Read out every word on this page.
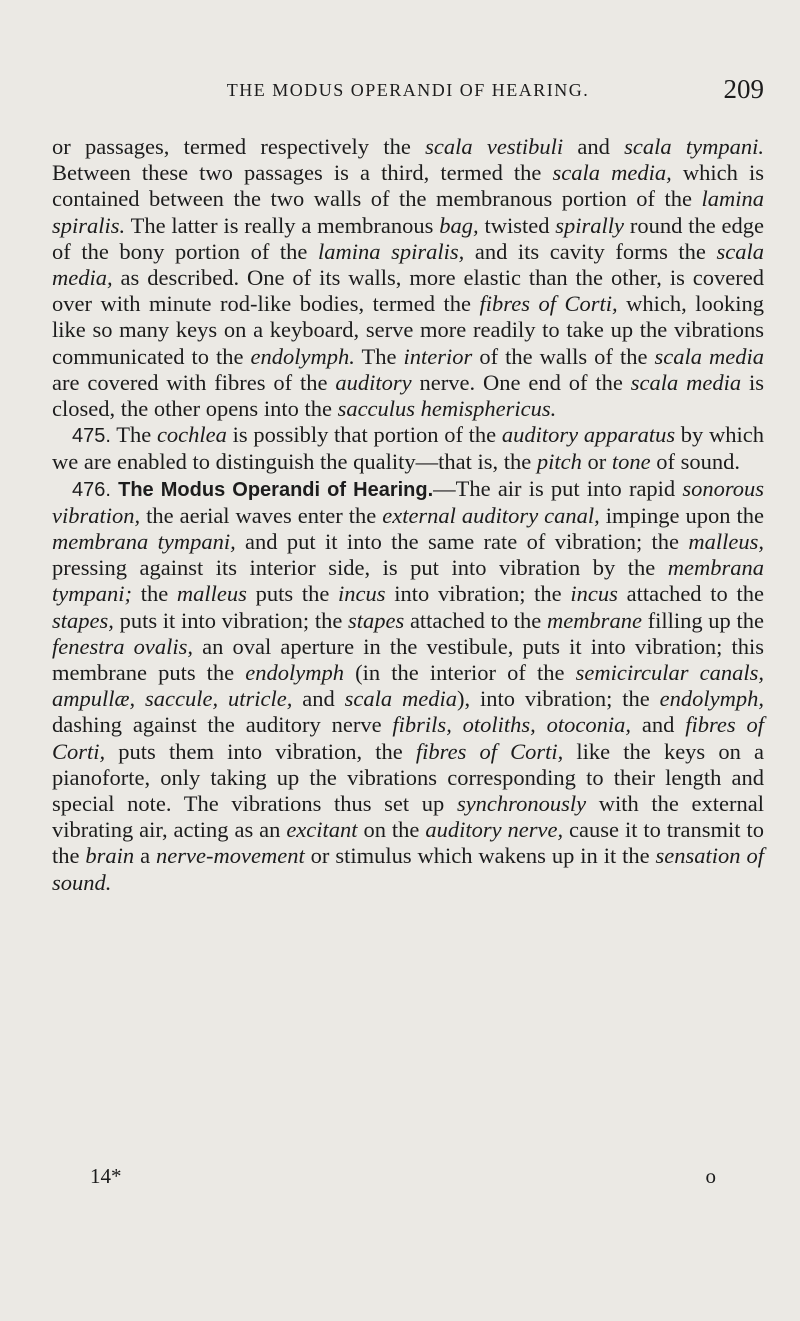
THE MODUS OPERANDI OF HEARING.	209

or passages, termed respectively the scala vestibuli and scala tympani. Between these two passages is a third, termed the scala media, which is contained between the two walls of the membranous portion of the lamina spiralis. The latter is really a membranous bag, twisted spirally round the edge of the bony portion of the lamina spiralis, and its cavity forms the scala media, as described. One of its walls, more elastic than the other, is covered over with minute rod-like bodies, termed the fibres of Corti, which, looking like so many keys on a keyboard, serve more readily to take up the vibrations communicated to the endolymph. The interior of the walls of the scala media are covered with fibres of the auditory nerve. One end of the scala media is closed, the other opens into the sacculus hemisphericus.

475. The cochlea is possibly that portion of the auditory apparatus by which we are enabled to distinguish the quality—that is, the pitch or tone of sound.

476. The Modus Operandi of Hearing.—The air is put into rapid sonorous vibration, the aerial waves enter the external auditory canal, impinge upon the membrana tympani, and put it into the same rate of vibration; the malleus, pressing against its interior side, is put into vibration by the membrana tympani; the malleus puts the incus into vibration; the incus attached to the stapes, puts it into vibration; the stapes attached to the membrane filling up the fenestra ovalis, an oval aperture in the vestibule, puts it into vibration; this membrane puts the endolymph (in the interior of the semicircular canals, ampullæ, saccule, utricle, and scala media), into vibration; the endolymph, dashing against the auditory nerve fibrils, otoliths, otoconia, and fibres of Corti, puts them into vibration, the fibres of Corti, like the keys on a pianoforte, only taking up the vibrations corresponding to their length and special note. The vibrations thus set up synchronously with the external vibrating air, acting as an excitant on the auditory nerve, cause it to transmit to the brain a nerve-movement or stimulus which wakens up in it the sensation of sound.

14*	o
